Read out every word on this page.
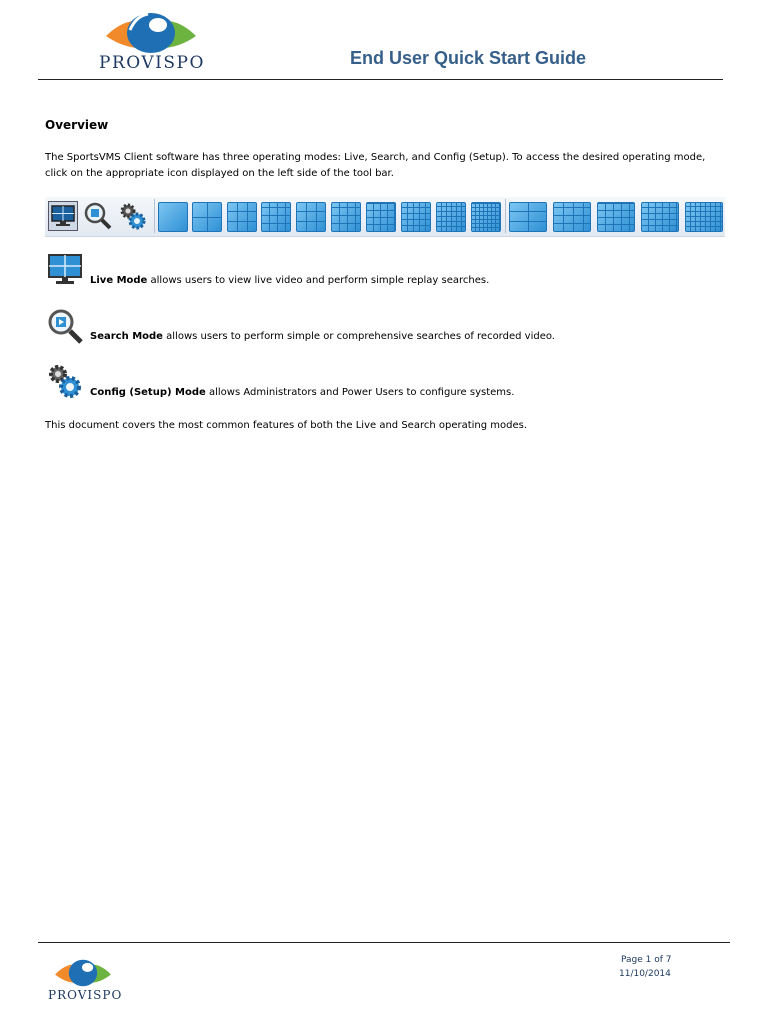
PROVISPO	End User Quick Start Guide
Overview
The SportsVMS Client software has three operating modes: Live, Search, and Config (Setup). To access the desired operating mode, click on the appropriate icon displayed on the left side of the tool bar.
Live Mode allows users to view live video and perform simple replay searches.
Search Mode allows users to perform simple or comprehensive searches of recorded video.
Config (Setup) Mode allows Administrators and Power Users to configure systems.
This document covers the most common features of both the Live and Search operating modes.
PROVISPO
Page 1 of 7
11/10/2014
